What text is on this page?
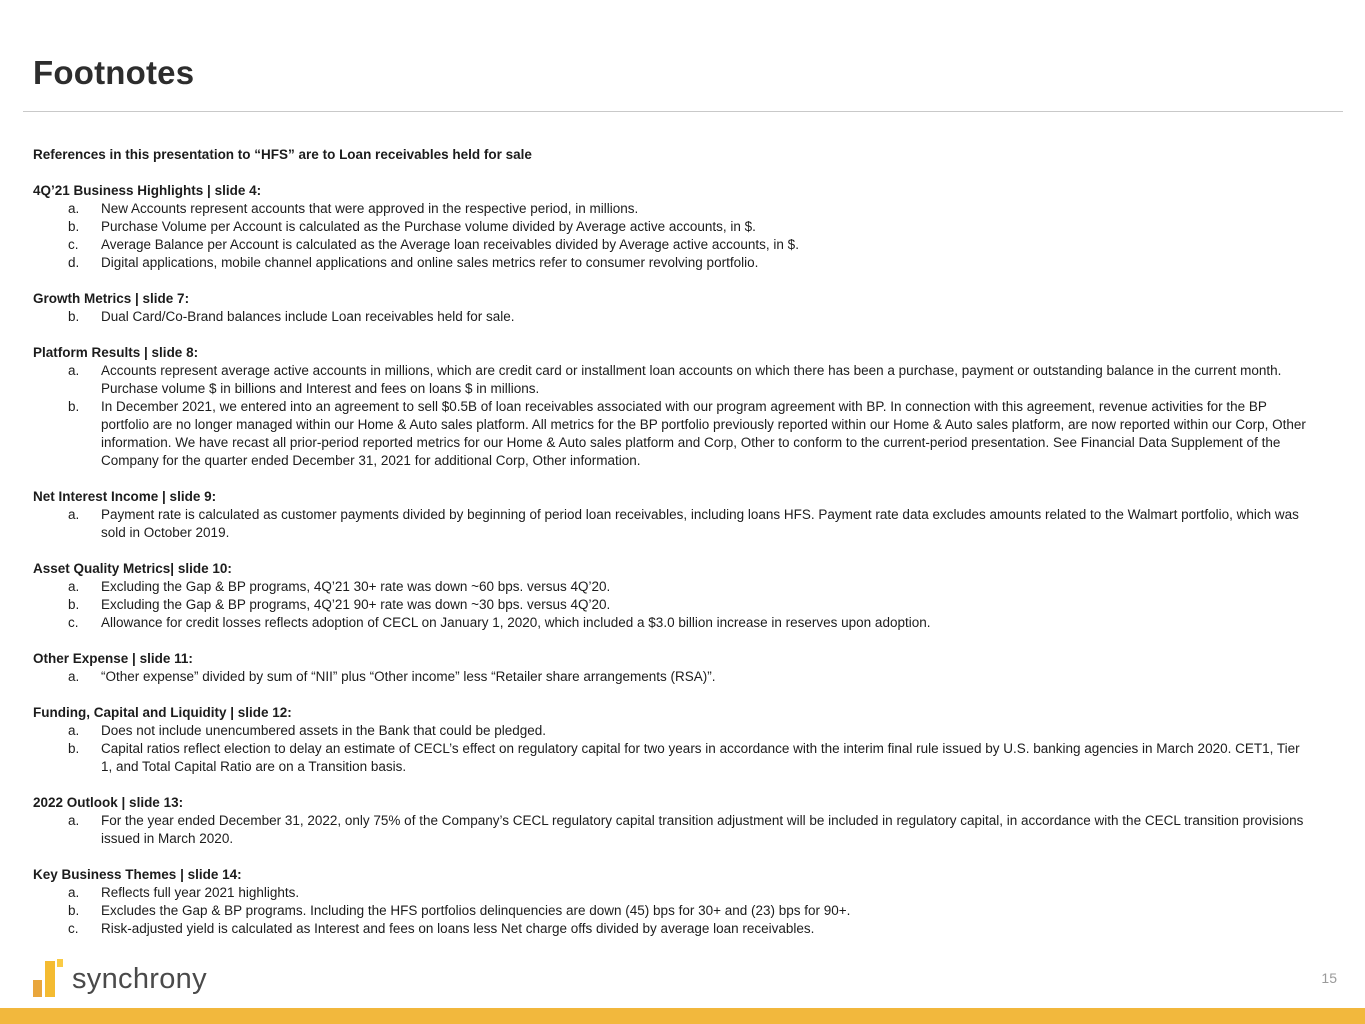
Footnotes
References in this presentation to “HFS” are to Loan receivables held for sale
4Q’21 Business Highlights | slide 4:
a.	New Accounts represent accounts that were approved in the respective period, in millions.
b.	Purchase Volume per Account is calculated as the Purchase volume divided by Average active accounts, in $.
c.	Average Balance per Account is calculated as the Average loan receivables divided by Average active accounts, in $.
d.	Digital applications, mobile channel applications and online sales metrics refer to consumer revolving portfolio.
Growth Metrics | slide 7:
b.	Dual Card/Co-Brand balances include Loan receivables held for sale.
Platform Results | slide 8:
a.	Accounts represent average active accounts in millions, which are credit card or installment loan accounts on which there has been a purchase, payment or outstanding balance in the current month. Purchase volume $ in billions and Interest and fees on loans $ in millions.
b.	In December 2021, we entered into an agreement to sell $0.5B of loan receivables associated with our program agreement with BP. In connection with this agreement, revenue activities for the BP portfolio are no longer managed within our Home & Auto sales platform. All metrics for the BP portfolio previously reported within our Home & Auto sales platform, are now reported within our Corp, Other information. We have recast all prior-period reported metrics for our Home & Auto sales platform and Corp, Other to conform to the current-period presentation. See Financial Data Supplement of the Company for the quarter ended December 31, 2021 for additional Corp, Other information.
Net Interest Income | slide 9:
a.	Payment rate is calculated as customer payments divided by beginning of period loan receivables, including loans HFS. Payment rate data excludes amounts related to the Walmart portfolio, which was sold in October 2019.
Asset Quality Metrics| slide 10:
a.	Excluding the Gap & BP programs, 4Q’21 30+ rate was down ~60 bps. versus 4Q’20.
b.	Excluding the Gap & BP programs, 4Q’21 90+ rate was down ~30 bps. versus 4Q’20.
c.	Allowance for credit losses reflects adoption of CECL on January 1, 2020, which included a $3.0 billion increase in reserves upon adoption.
Other Expense | slide 11:
a.	“Other expense” divided by sum of “NII” plus “Other income” less “Retailer share arrangements (RSA)”.
Funding, Capital and Liquidity | slide 12:
a.	Does not include unencumbered assets in the Bank that could be pledged.
b.	Capital ratios reflect election to delay an estimate of CECL’s effect on regulatory capital for two years in accordance with the interim final rule issued by U.S. banking agencies in March 2020. CET1, Tier 1, and Total Capital Ratio are on a Transition basis.
2022 Outlook | slide 13:
a.	For the year ended December 31, 2022, only 75% of the Company’s CECL regulatory capital transition adjustment will be included in regulatory capital, in accordance with the CECL transition provisions issued in March 2020.
Key Business Themes | slide 14:
a.	Reflects full year 2021 highlights.
b.	Excludes the Gap & BP programs. Including the HFS portfolios delinquencies are down (45) bps for 30+ and (23) bps for 90+.
c.	Risk-adjusted yield is calculated as Interest and fees on loans less Net charge offs divided by average loan receivables.
synchrony	15
